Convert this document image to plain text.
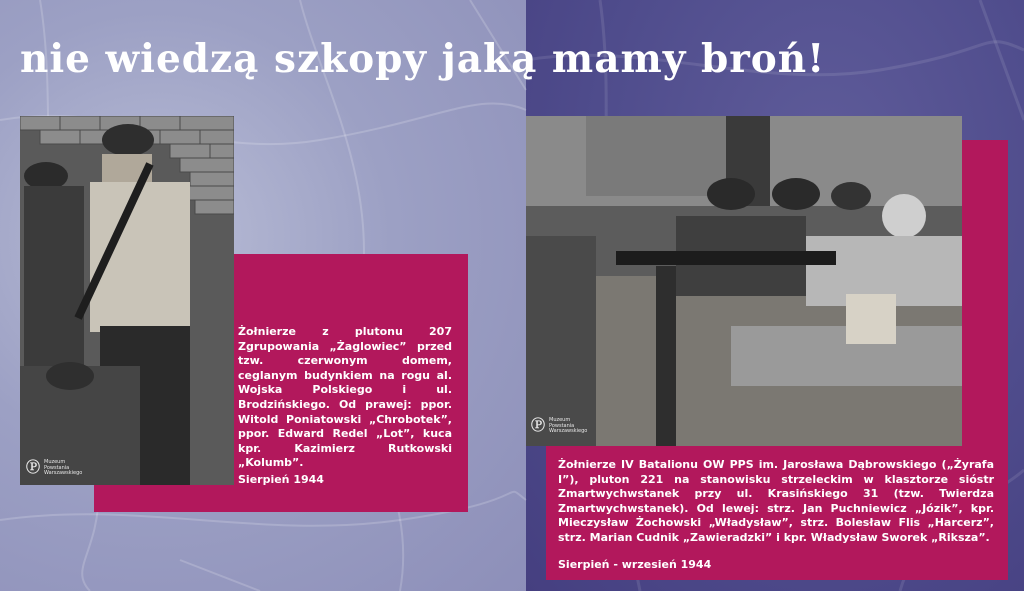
nie wiedzą szkopy jaką mamy broń!
Ⓟ Muzeum
Powstania
Warszawskiego
Ⓟ Muzeum
Powstania
Warszawskiego

Żołnierze z plutonu 207 Zgrupowania „Żaglowiec” przed tzw. czerwonym domem, ceglanym budynkiem na rogu al. Wojska Polskiego i ul. Brodzińskiego. Od prawej: ppor. Witold Poniatowski „Chrobotek”, ppor. Edward Redel „Lot”, kuca kpr. Kazimierz Rutkowski „Kolumb”.

Sierpień 1944

Żołnierze IV Batalionu OW PPS im. Jarosława Dąbrowskiego („Żyrafa I”), pluton 221 na stanowisku strzeleckim w klasztorze sióstr Zmartwychwstanek przy ul. Krasińskiego 31 (tzw. Twierdza Zmartwychwstanek). Od lewej: strz. Jan Puchniewicz „Józik”, kpr. Mieczysław Żochowski „Władysław”, strz. Bolesław Flis „Harcerz”, strz. Marian Cudnik „Zawieradzki” i kpr. Władysław Sworek „Riksza”.

Sierpień - wrzesień 1944
